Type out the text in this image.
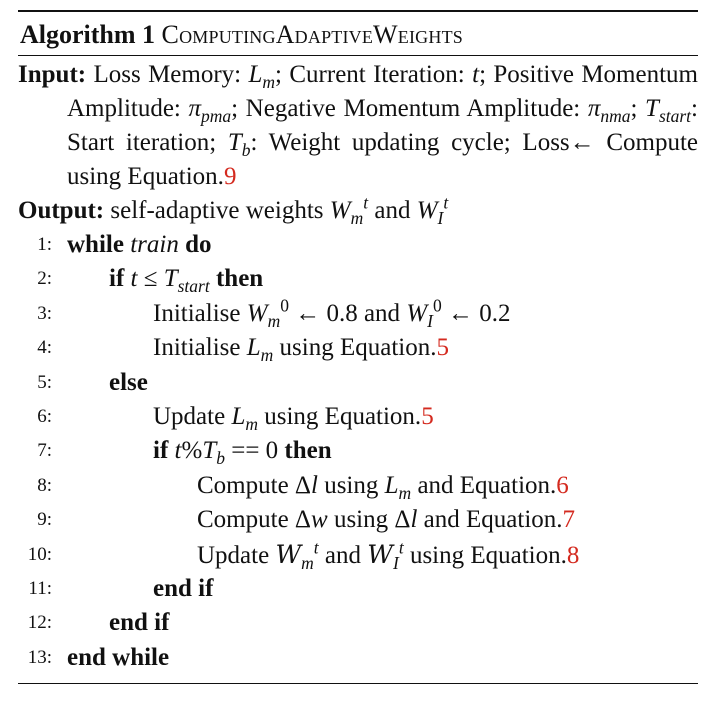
Algorithm 1 ComputingAdaptiveWeights
Input: Loss Memory: $L_m$; Current Iteration: t; Positive Momentum Amplitude: $\pi_{pma}$; Negative Momentum Amplitude: $\pi_{nma}$; $T_{start}$: Start iteration; $T_b$: Weight updating cycle; Loss← Compute using Equation.9
Output: self-adaptive weights $W_m^t$ and $W_I^t$
1: while train do
2: if $t \le T_{start}$ then
3:	Initialise $W_m^0$ ← 0.8 and $W_I^0$ ← 0.2
4:	Initialise $L_m$ using Equation.5
5: else
6:	Update $L_m$ using Equation.5
7:	if $t\%T_b == 0$ then
8:	Compute Δl using $L_m$ and Equation.6
9:	Compute Δw using Δl and Equation.7
10:	Update $W_m^t$ and $W_I^t$ using Equation.8
11:	end if
12: end if
13: end while
